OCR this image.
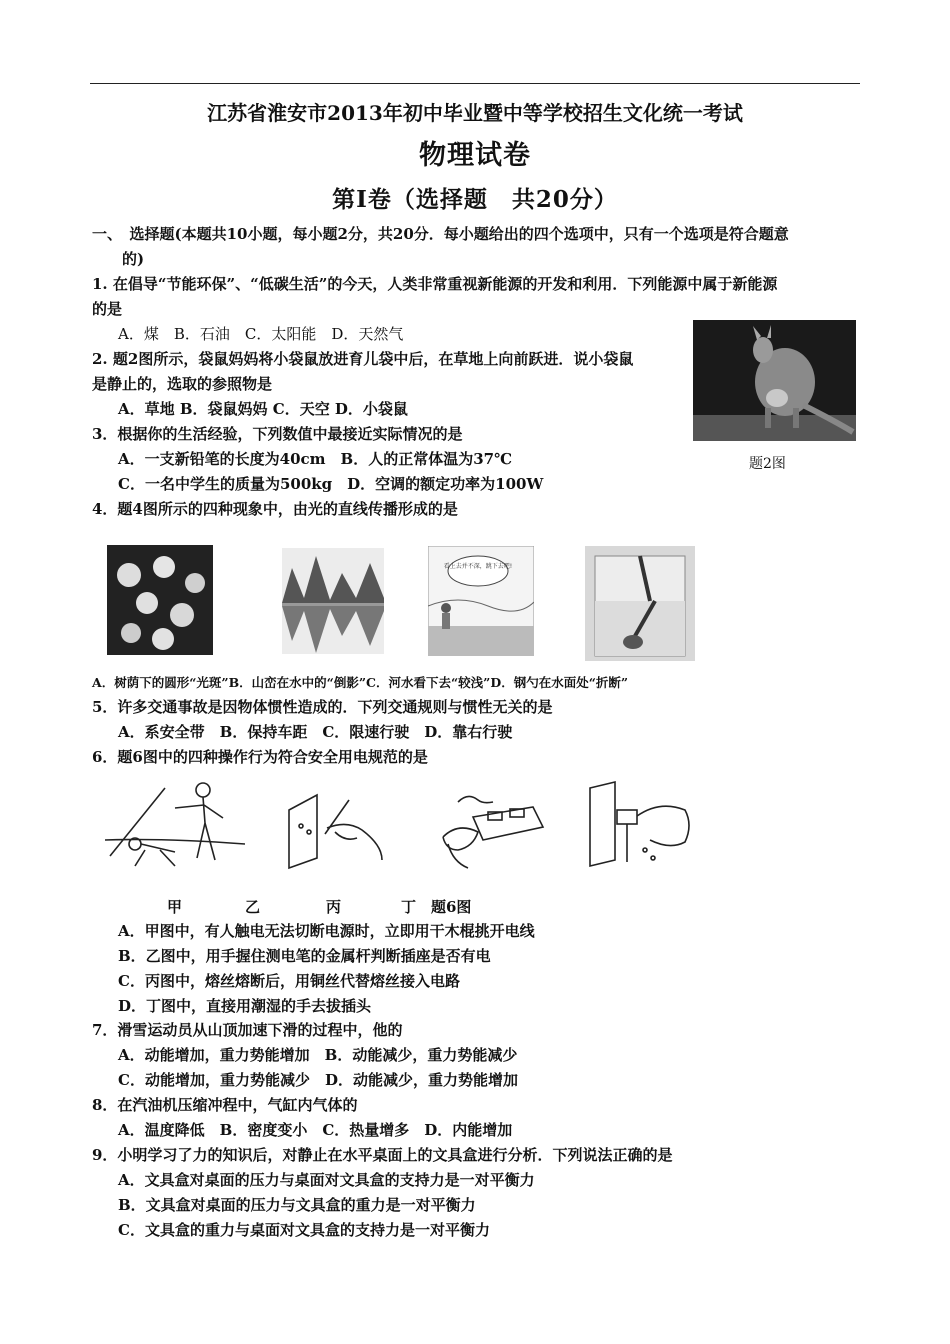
江苏省淮安市2013年初中毕业暨中等学校招生文化统一考试
物理试卷
第Ⅰ卷（选择题　共20分）
一、　选择题(本题共10小题，每小题2分，共20分．每小题给出的四个选项中，只有一个选项是符合题意
的)
1. 在倡导“节能环保”、“低碳生活”的今天，人类非常重视新能源的开发和利用．下列能源中属于新能源
的是
A．煤　B．石油　C．太阳能　D．天然气
2. 题2图所示，袋鼠妈妈将小袋鼠放进育儿袋中后，在草地上向前跃进．说小袋鼠
是静止的，选取的参照物是
A．草地 B．袋鼠妈妈 C．天空 D．小袋鼠
题2图
3．根据你的生活经验，下列数值中最接近实际情况的是
A．一支新铅笔的长度为40cm　B．人的正常体温为37℃
C．一名中学生的质量为500kg　D．空调的额定功率为100W
4．题4图所示的四种现象中，由光的直线传播形成的是
看上去并不深，跳下去吧!
A．树荫下的圆形“光斑”B．山峦在水中的“倒影”C．河水看下去“较浅”D．钢勺在水面处“折断”
5．许多交通事故是因物体惯性造成的．下列交通规则与惯性无关的是
A．系安全带　B．保持车距　C．限速行驶　D．靠右行驶
6．题6图中的四种操作行为符合安全用电规范的是
甲	乙	丙	丁 题6图
A．甲图中，有人触电无法切断电源时，立即用干木棍挑开电线
B．乙图中，用手握住测电笔的金属杆判断插座是否有电
C．丙图中，熔丝熔断后，用铜丝代替熔丝接入电路
D．丁图中，直接用潮湿的手去拔插头
7．滑雪运动员从山顶加速下滑的过程中，他的
A．动能增加，重力势能增加　B．动能减少，重力势能减少
C．动能增加，重力势能减少　D．动能减少，重力势能增加
8．在汽油机压缩冲程中，气缸内气体的
A．温度降低　B．密度变小　C．热量增多　D．内能增加
9．小明学习了力的知识后，对静止在水平桌面上的文具盒进行分析．下列说法正确的是
A．文具盒对桌面的压力与桌面对文具盒的支持力是一对平衡力
B．文具盒对桌面的压力与文具盒的重力是一对平衡力
C．文具盒的重力与桌面对文具盒的支持力是一对平衡力
